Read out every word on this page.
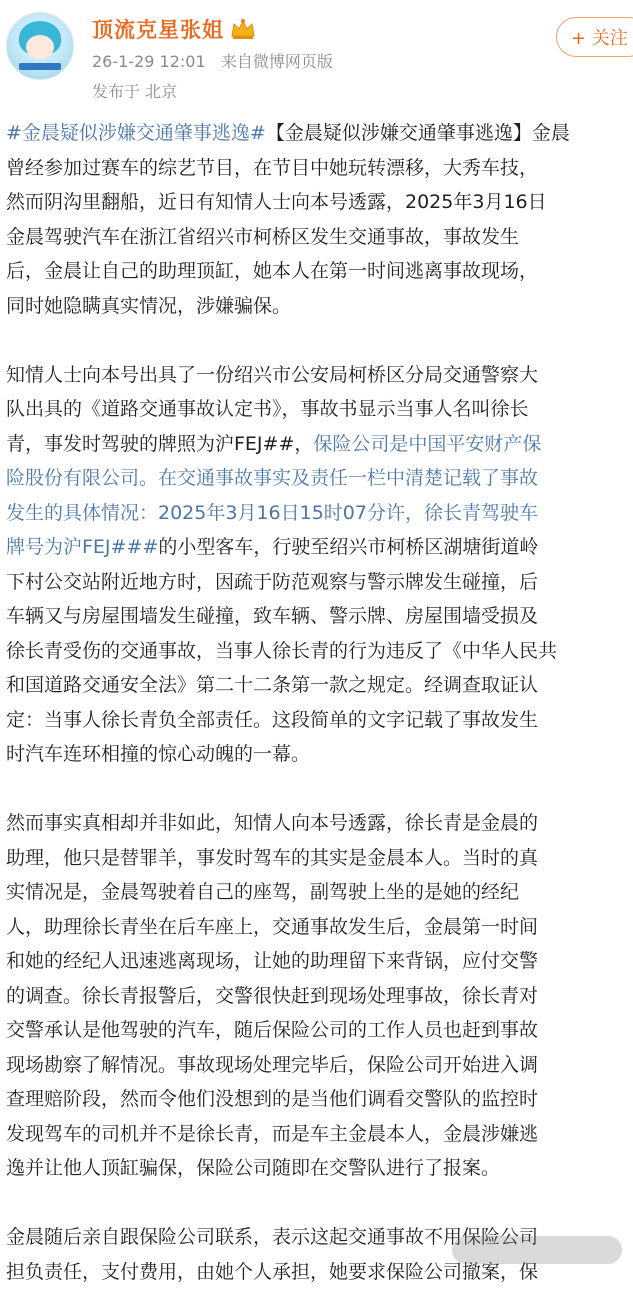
顶流克星张姐
26-1-29 12:01 来自微博网页版
发布于 北京
+ 关注

#金晨疑似涉嫌交通肇事逃逸#【金晨疑似涉嫌交通肇事逃逸】金晨

曾经参加过赛车的综艺节目，在节目中她玩转漂移，大秀车技，

然而阴沟里翻船，近日有知情人士向本号透露，2025年3月16日

金晨驾驶汽车在浙江省绍兴市柯桥区发生交通事故，事故发生

后，金晨让自己的助理顶缸，她本人在第一时间逃离事故现场，

同时她隐瞒真实情况，涉嫌骗保。

知情人士向本号出具了一份绍兴市公安局柯桥区分局交通警察大

队出具的《道路交通事故认定书》，事故书显示当事人名叫徐长

青，事发时驾驶的牌照为沪FEJ##，保险公司是中国平安财产保

险股份有限公司。在交通事故事实及责任一栏中清楚记载了事故

发生的具体情况：2025年3月16日15时07分许，徐长青驾驶车

牌号为沪FEJ###的小型客车，行驶至绍兴市柯桥区湖塘街道岭

下村公交站附近地方时，因疏于防范观察与警示牌发生碰撞，后

车辆又与房屋围墙发生碰撞，致车辆、警示牌、房屋围墙受损及

徐长青受伤的交通事故，当事人徐长青的行为违反了《中华人民共

和国道路交通安全法》第二十二条第一款之规定。经调查取证认

定：当事人徐长青负全部责任。这段简单的文字记载了事故发生

时汽车连环相撞的惊心动魄的一幕。

然而事实真相却并非如此，知情人向本号透露，徐长青是金晨的

助理，他只是替罪羊，事发时驾车的其实是金晨本人。当时的真

实情况是，金晨驾驶着自己的座驾，副驾驶上坐的是她的经纪

人，助理徐长青坐在后车座上，交通事故发生后，金晨第一时间

和她的经纪人迅速逃离现场，让她的助理留下来背锅，应付交警

的调查。徐长青报警后，交警很快赶到现场处理事故，徐长青对

交警承认是他驾驶的汽车，随后保险公司的工作人员也赶到事故

现场勘察了解情况。事故现场处理完毕后，保险公司开始进入调

查理赔阶段，然而令他们没想到的是当他们调看交警队的监控时

发现驾车的司机并不是徐长青，而是车主金晨本人，金晨涉嫌逃

逸并让他人顶缸骗保，保险公司随即在交警队进行了报案。

金晨随后亲自跟保险公司联系，表示这起交通事故不用保险公司

担负责任，支付费用，由她个人承担，她要求保险公司撤案，保
